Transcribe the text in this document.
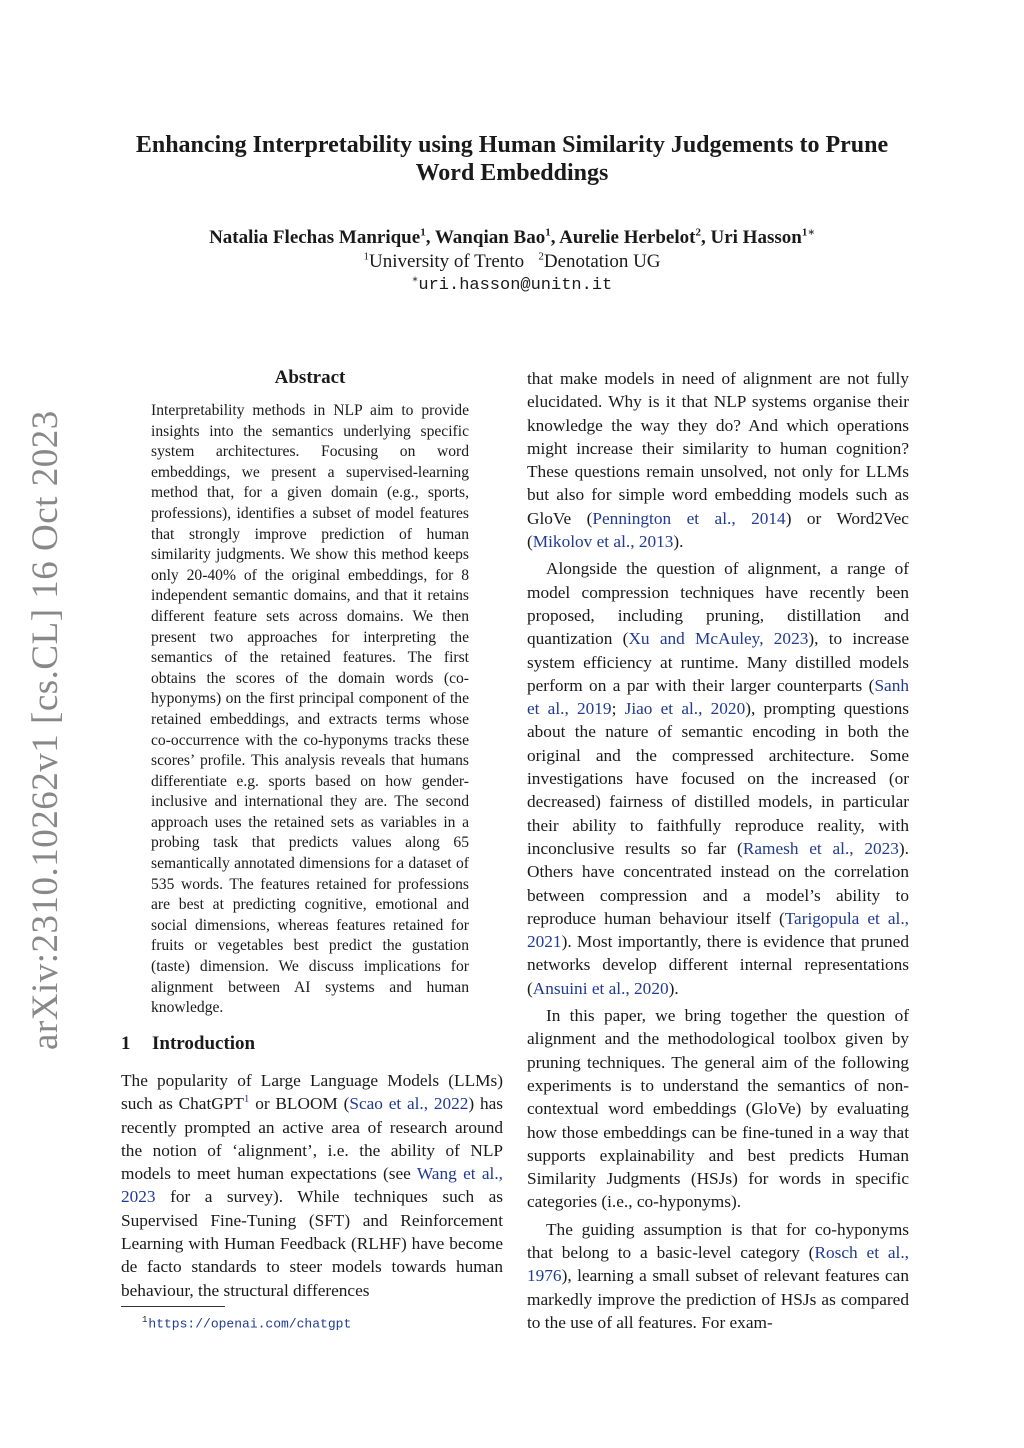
arXiv:2310.10262v1 [cs.CL] 16 Oct 2023
Enhancing Interpretability using Human Similarity Judgements to Prune
Word Embeddings
Natalia Flechas Manrique$^1$, Wanqian Bao$^1$, Aurelie Herbelot$^2$, Uri Hasson$^{1∗}$
$^1$University of Trento $^2$Denotation UG
∗uri.hasson@unitn.it
Abstract

Interpretability methods in NLP aim to provide insights into the semantics underlying specific system architectures. Focusing on word embeddings, we present a supervised-learning method that, for a given domain (e.g., sports, professions), identifies a subset of model features that strongly improve prediction of human similarity judgments. We show this method keeps only 20-40% of the original embeddings, for 8 independent semantic domains, and that it retains different feature sets across domains. We then present two approaches for interpreting the semantics of the retained features. The first obtains the scores of the domain words (co-hyponyms) on the first principal component of the retained embeddings, and extracts terms whose co-occurrence with the co-hyponyms tracks these scores’ profile. This analysis reveals that humans differentiate e.g. sports based on how gender-inclusive and international they are. The second approach uses the retained sets as variables in a probing task that predicts values along 65 semantically annotated dimensions for a dataset of 535 words. The features retained for professions are best at predicting cognitive, emotional and social dimensions, whereas features retained for fruits or vegetables best predict the gustation (taste) dimension. We discuss implications for alignment between AI systems and human knowledge.

1 Introduction

The popularity of Large Language Models (LLMs) such as ChatGPT$^1$ or BLOOM (Scao et al., 2022) has recently prompted an active area of research around the notion of ‘alignment’, i.e. the ability of NLP models to meet human expectations (see Wang et al., 2023 for a survey). While techniques such as Supervised Fine-Tuning (SFT) and Reinforcement Learning with Human Feedback (RLHF) have become de facto standards to steer models towards human behaviour, the structural differences

that make models in need of alignment are not fully elucidated. Why is it that NLP systems organise their knowledge the way they do? And which operations might increase their similarity to human cognition? These questions remain unsolved, not only for LLMs but also for simple word embedding models such as GloVe (Pennington et al., 2014) or Word2Vec (Mikolov et al., 2013).

Alongside the question of alignment, a range of model compression techniques have recently been proposed, including pruning, distillation and quantization (Xu and McAuley, 2023), to increase system efficiency at runtime. Many distilled models perform on a par with their larger counterparts (Sanh et al., 2019; Jiao et al., 2020), prompting questions about the nature of semantic encoding in both the original and the compressed architecture. Some investigations have focused on the increased (or decreased) fairness of distilled models, in particular their ability to faithfully reproduce reality, with inconclusive results so far (Ramesh et al., 2023). Others have concentrated instead on the correlation between compression and a model’s ability to reproduce human behaviour itself (Tarigopula et al., 2021). Most importantly, there is evidence that pruned networks develop different internal representations (Ansuini et al., 2020).

In this paper, we bring together the question of alignment and the methodological toolbox given by pruning techniques. The general aim of the following experiments is to understand the semantics of non-contextual word embeddings (GloVe) by evaluating how those embeddings can be fine-tuned in a way that supports explainability and best predicts Human Similarity Judgments (HSJs) for words in specific categories (i.e., co-hyponyms).

The guiding assumption is that for co-hyponyms that belong to a basic-level category (Rosch et al., 1976), learning a small subset of relevant features can markedly improve the prediction of HSJs as compared to the use of all features. For exam-

$^1$https://openai.com/chatgpt
